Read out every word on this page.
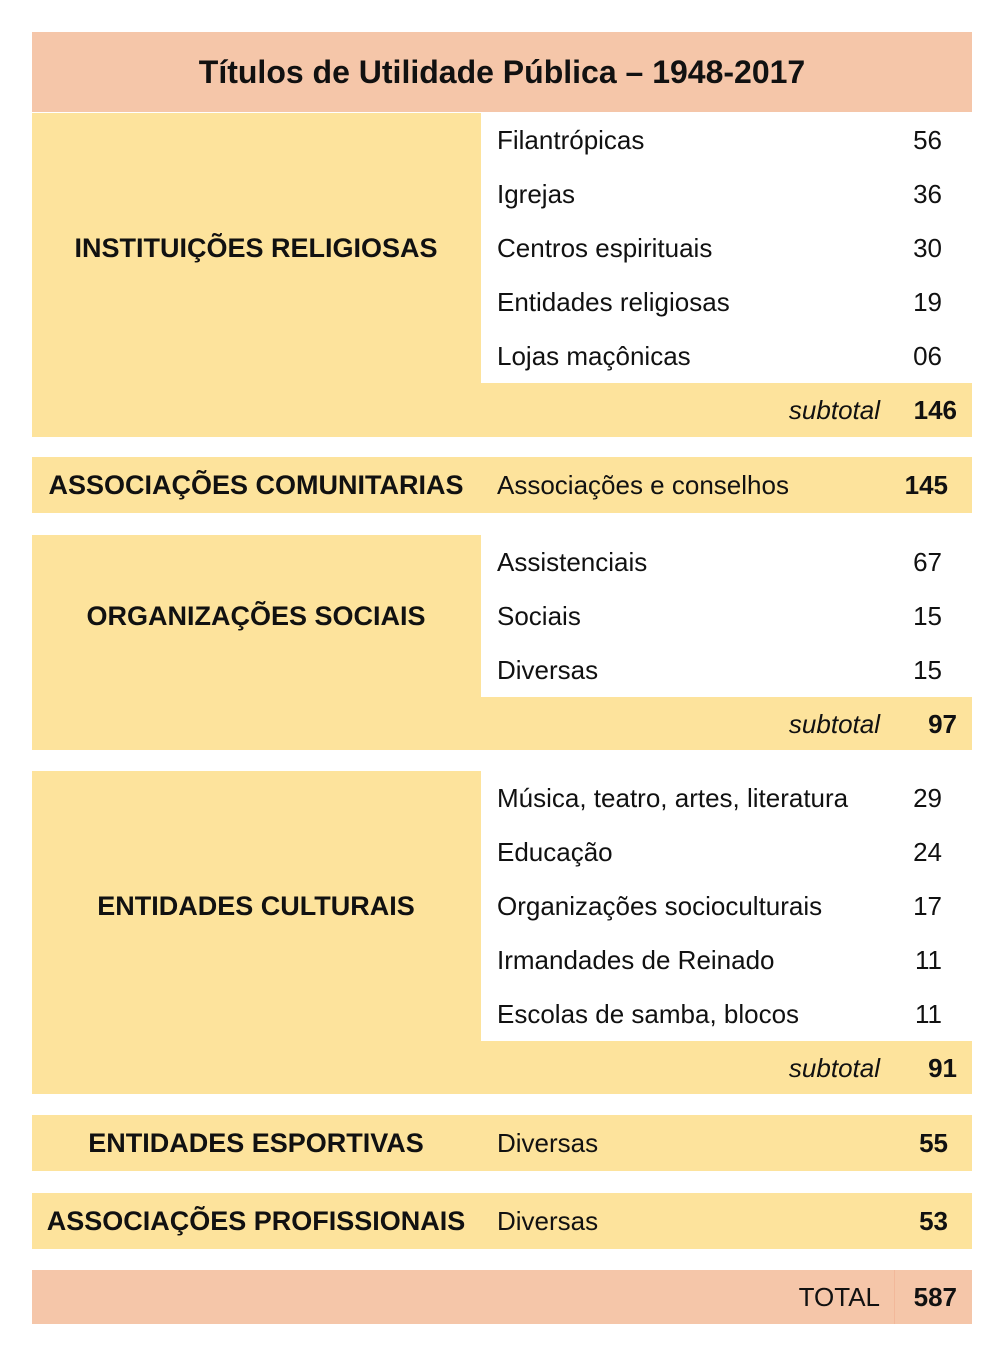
Títulos de Utilidade Pública – 1948-2017
INSTITUIÇÕES RELIGIOSAS
Filantrópicas	56
Igrejas	36
Centros espirituais	30
Entidades religiosas	19
Lojas maçônicas	06
subtotal 146
ASSOCIAÇÕES COMUNITARIAS	Associações e conselhos	145
ORGANIZAÇÕES SOCIAIS
Assistenciais	67
Sociais	15
Diversas	15
subtotal 97
ENTIDADES CULTURAIS
Música, teatro, artes, literatura 29
Educação	24
Organizações socioculturais	17
Irmandades de Reinado	11
Escolas de samba, blocos	11
subtotal 91
ENTIDADES ESPORTIVAS	Diversas	55
ASSOCIAÇÕES PROFISSIONAIS	Diversas	53
TOTAL 587
